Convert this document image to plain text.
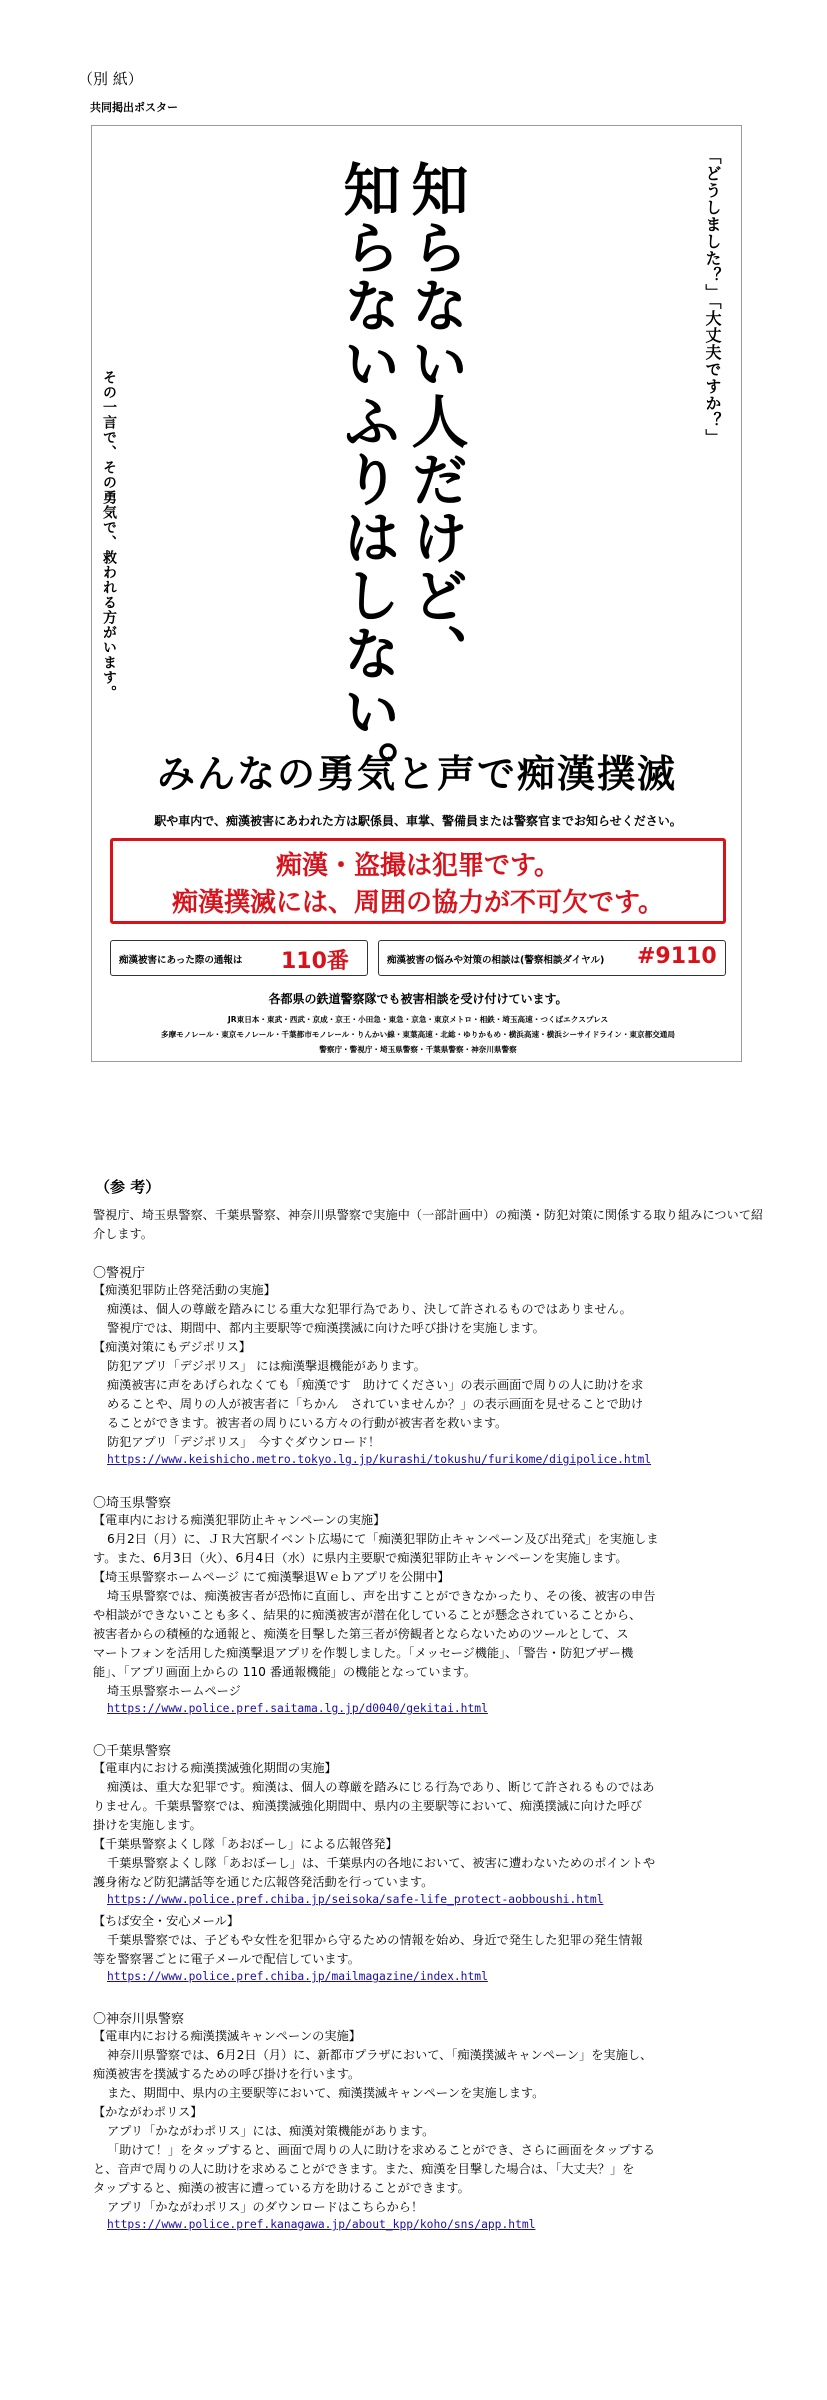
（別 紙）
共同掲出ポスター
知らない人だけど、
知らないふりはしない。	「どうしました？」「大丈夫ですか？」
その一言で、その勇気で、救われる方がいます。
みんなの勇気と声で痴漢撲滅
駅や車内で、痴漢被害にあわれた方は駅係員、車掌、警備員または警察官までお知らせください。
痴漢・盗撮は犯罪です。
痴漢撲滅には、周囲の協力が不可欠です。
痴漢被害にあった際の通報は 110番	痴漢被害の悩みや対策の相談は(警察相談ダイヤル) #9110
各都県の鉄道警察隊でも被害相談を受け付けています。
JR東日本・東武・西武・京成・京王・小田急・東急・京急・東京メトロ・相鉄・埼玉高速・つくばエクスプレス
多摩モノレール・東京モノレール・千葉都市モノレール・りんかい線・東葉高速・北総・ゆりかもめ・横浜高速・横浜シーサイドライン・東京都交通局
警察庁・警視庁・埼玉県警察・千葉県警察・神奈川県警察
（参 考）
警視庁、埼玉県警察、千葉県警察、神奈川県警察で実施中（一部計画中）の痴漢・防犯対策に関係する取り組みについて紹介します。
〇警視庁
【痴漢犯罪防止啓発活動の実施】
痴漢は、個人の尊厳を踏みにじる重大な犯罪行為であり、決して許されるものではありません。
警視庁では、期間中、都内主要駅等で痴漢撲滅に向けた呼び掛けを実施します。
【痴漢対策にもデジポリス】
防犯アプリ「デジポリス」 には痴漢撃退機能があります。
痴漢被害に声をあげられなくても「痴漢です　助けてください」の表示画面で周りの人に助けを求
めることや、周りの人が被害者に「ちかん　されていませんか？」の表示画面を見せることで助け
ることができます。被害者の周りにいる方々の行動が被害者を救います。
防犯アプリ「デジポリス」　今すぐダウンロード！
https://www.keishicho.metro.tokyo.lg.jp/kurashi/tokushu/furikome/digipolice.html
〇埼玉県警察
【電車内における痴漢犯罪防止キャンペーンの実施】
6月2日（月）に、ＪＲ大宮駅イベント広場にて「痴漢犯罪防止キャンペーン及び出発式」を実施しま
す。また、6月3日（火）、6月4日（水）に県内主要駅で痴漢犯罪防止キャンペーンを実施します。
【埼玉県警察ホームページ にて痴漢撃退Ｗｅｂアプリを公開中】
埼玉県警察では、痴漢被害者が恐怖に直面し、声を出すことができなかったり、その後、被害の申告
や相談ができないことも多く、結果的に痴漢被害が潜在化していることが懸念されていることから、
被害者からの積極的な通報と、痴漢を目撃した第三者が傍観者とならないためのツールとして、ス
マートフォンを活用した痴漢撃退アプリを作製しました。「メッセージ機能」、「警告・防犯ブザー機
能」、「アプリ画面上からの 110 番通報機能」の機能となっています。
埼玉県警察ホームページ
https://www.police.pref.saitama.lg.jp/d0040/gekitai.html
〇千葉県警察
【電車内における痴漢撲滅強化期間の実施】
痴漢は、重大な犯罪です。痴漢は、個人の尊厳を踏みにじる行為であり、断じて許されるものではあ
りません。千葉県警察では、痴漢撲滅強化期間中、県内の主要駅等において、痴漢撲滅に向けた呼び
掛けを実施します。
【千葉県警察よくし隊「あおぼーし」による広報啓発】
千葉県警察よくし隊「あおぼーし」は、千葉県内の各地において、被害に遭わないためのポイントや
護身術など防犯講話等を通じた広報啓発活動を行っています。
https://www.police.pref.chiba.jp/seisoka/safe-life_protect-aobboushi.html
【ちば安全・安心メール】
千葉県警察では、子どもや女性を犯罪から守るための情報を始め、身近で発生した犯罪の発生情報
等を警察署ごとに電子メールで配信しています。
https://www.police.pref.chiba.jp/mailmagazine/index.html
〇神奈川県警察
【電車内における痴漢撲滅キャンペーンの実施】
神奈川県警察では、6月2日（月）に、新都市プラザにおいて、「痴漢撲滅キャンペーン」を実施し、
痴漢被害を撲滅するための呼び掛けを行います。
また、期間中、県内の主要駅等において、痴漢撲滅キャンペーンを実施します。
【かながわポリス】
アプリ「かながわポリス」には、痴漢対策機能があります。
「助けて！」をタップすると、画面で周りの人に助けを求めることができ、さらに画面をタップする
と、音声で周りの人に助けを求めることができます。また、痴漢を目撃した場合は、「大丈夫？」を
タップすると、痴漢の被害に遭っている方を助けることができます。
アプリ「かながわポリス」のダウンロードはこちらから！
https://www.police.pref.kanagawa.jp/about_kpp/koho/sns/app.html
